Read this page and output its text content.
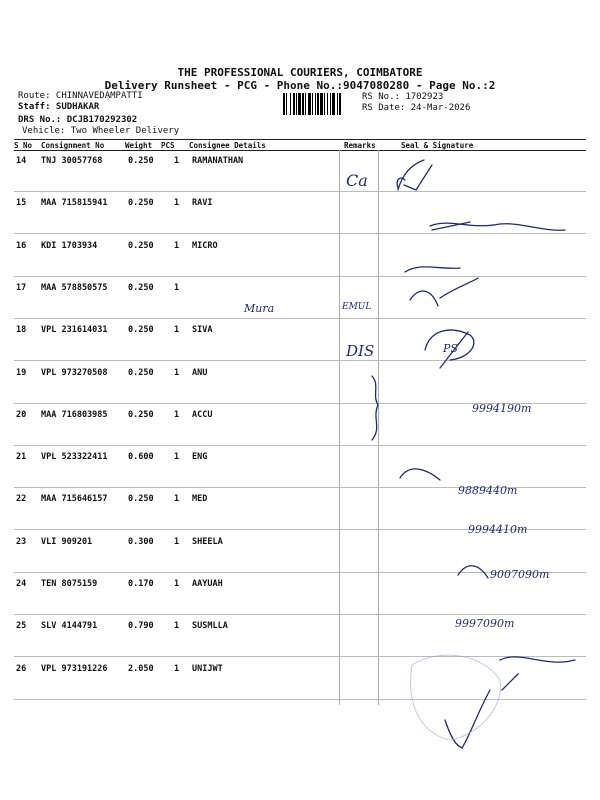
THE PROFESSIONAL COURIERS, COIMBATORE
Delivery Runsheet - PCG - Phone No.:9047080280 - Page No.:2
Route: CHINNAVEDAMPATTI
Staff: SUDHAKAR
DRS No.: DCJB170292302
Vehicle: Two Wheeler Delivery
RS No.: 1702923
RS Date: 24-Mar-2026
S No Consignment No	Weight PCS Consignee Details	Remarks	Seal & Signature
14 TNJ 30057768	0.250 1 RAMANATHAN
15 MAA 715815941 0.250 1 RAVI
16 KDI 1703934	0.250 1 MICRO
17 MAA 578850575 0.250 1
18 VPL 231614031 0.250 1 SIVA
19 VPL 973270508 0.250 1 ANU
20 MAA 716803985 0.250 1 ACCU
21 VPL 523322411 0.600 1 ENG
22 MAA 715646157 0.250 1 MED
23 VLI 909201	0.300 1 SHEELA
24 TEN 8075159	0.170 1 AAYUAH
25 SLV 4144791	0.790 1 SUSMLLA
26 VPL 973191226 2.050 1 UNIJWT
Ca
Mura	EMUL
DIS	PS
9994190m
9889440m
9994410m
9007090m
9997090m
